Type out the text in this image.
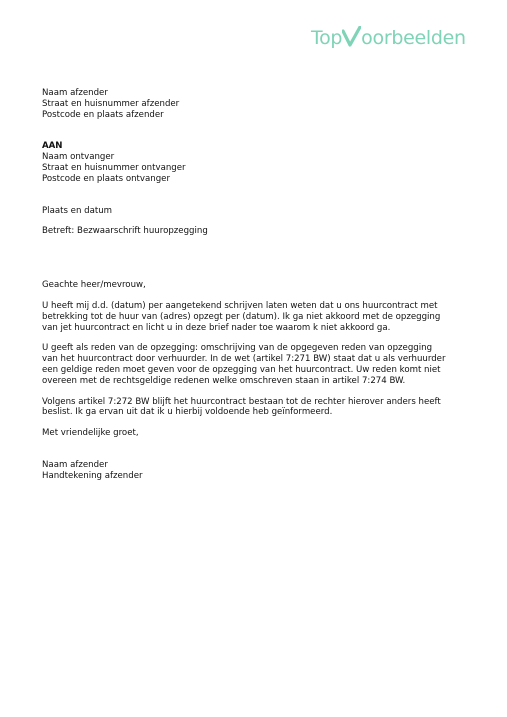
Top oorbeelden
Naam afzender
Straat en huisnummer afzender
Postcode en plaats afzender
AAN
Naam ontvanger
Straat en huisnummer ontvanger
Postcode en plaats ontvanger
Plaats en datum
Betreft: Bezwaarschrift huuropzegging
Geachte heer/mevrouw,
U heeft mij d.d. (datum) per aangetekend schrijven laten weten dat u ons huurcontract met
betrekking tot de huur van (adres) opzegt per (datum). Ik ga niet akkoord met de opzegging
van jet huurcontract en licht u in deze brief nader toe waarom k niet akkoord ga.
U geeft als reden van de opzegging: omschrijving van de opgegeven reden van opzegging
van het huurcontract door verhuurder. In de wet (artikel 7:271 BW) staat dat u als verhuurder
een geldige reden moet geven voor de opzegging van het huurcontract. Uw reden komt niet
overeen met de rechtsgeldige redenen welke omschreven staan in artikel 7:274 BW.
Volgens artikel 7:272 BW blijft het huurcontract bestaan tot de rechter hierover anders heeft
beslist. Ik ga ervan uit dat ik u hierbij voldoende heb geïnformeerd.
Met vriendelijke groet,
Naam afzender
Handtekening afzender
